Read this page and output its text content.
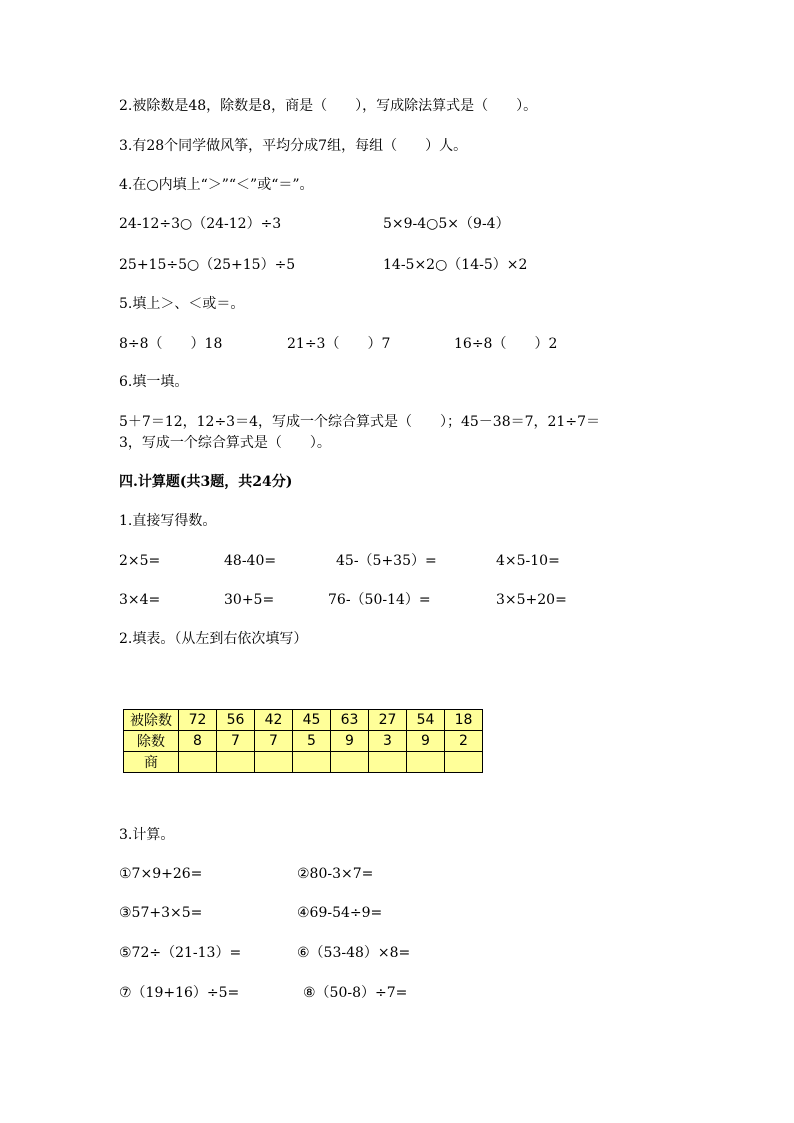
2.被除数是48，除数是8，商是（　　），写成除法算式是（　　）。
3.有28个同学做风筝，平均分成7组，每组（　　）人。
4.在○内填上“＞”“＜”或“＝”。
24-12÷3○（24-12）÷3	5×9-4○5×（9-4）
25+15÷5○（25+15）÷5	14-5×2○（14-5）×2
5.填上＞、＜或＝。
8÷8（　　）18	21÷3（　　）7	16÷8（　　）2
6.填一填。
5＋7＝12，12÷3＝4，写成一个综合算式是（　　）；45－38＝7，21÷7＝
3，写成一个综合算式是（　　）。
四.计算题(共3题，共24分)
1.直接写得数。
2×5=	48-40=	45-（5+35）=	4×5-10=
3×4=	30+5=	76-（50-14）=	3×5+20=
2.填表。（从左到右依次填写）
被除数	72	56	42	45	63	27	54	18
除数	8	7	7	5	9	3	9	2
商								
3.计算。
①7×9+26=	②80-3×7=
③57+3×5=	④69-54÷9=
⑤72÷（21-13）=	⑥（53-48）×8=
⑦（19+16）÷5=	⑧（50-8）÷7=
